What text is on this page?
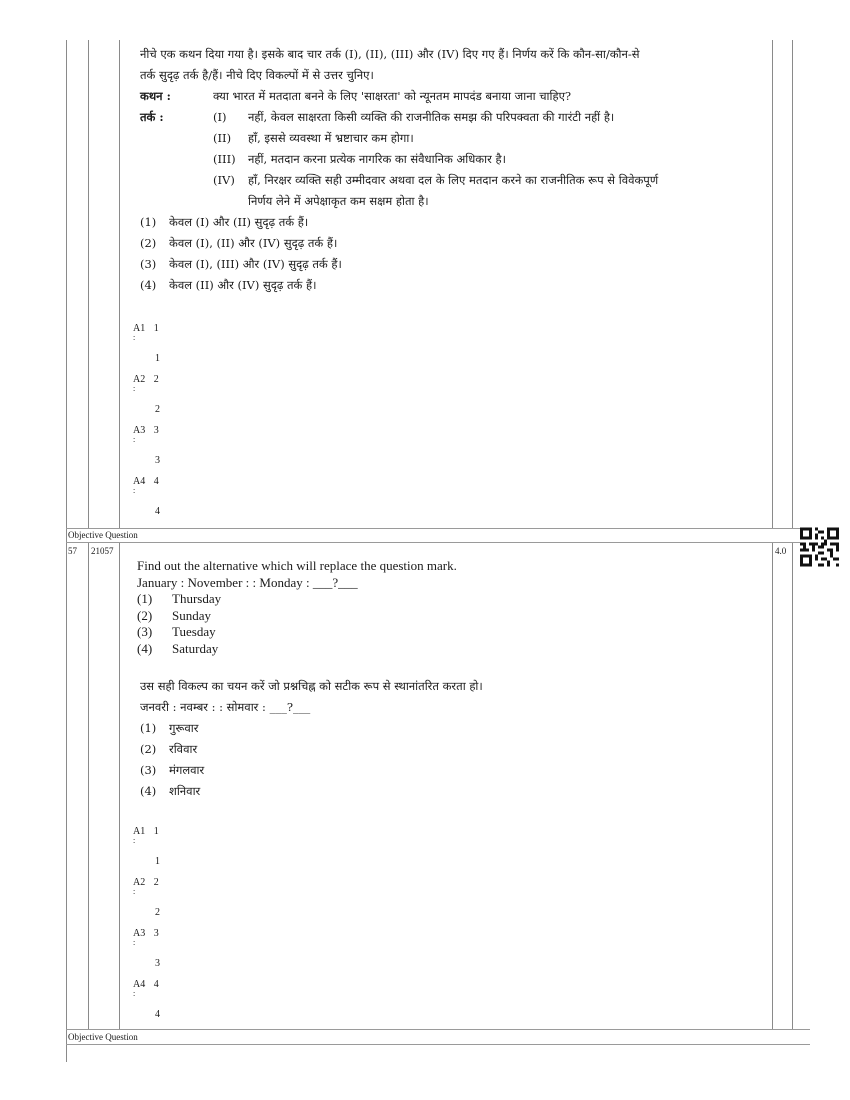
नीचे एक कथन दिया गया है। इसके बाद चार तर्क (I), (II), (III) और (IV) दिए गए हैं। निर्णय करें कि कौन-सा/कौन-से
तर्क सुदृढ़ तर्क है/हैं। नीचे दिए विकल्पों में से उत्तर चुनिए।
कथन :	क्या भारत में मतदाता बनने के लिए 'साक्षरता' को न्यूनतम मापदंड बनाया जाना चाहिए?
तर्क :	(I)	नहीं, केवल साक्षरता किसी व्यक्ति की राजनीतिक समझ की परिपक्वता की गारंटी नहीं है।
(II)	हाँ, इससे व्यवस्था में भ्रष्टाचार कम होगा।
(III)	नहीं, मतदान करना प्रत्येक नागरिक का संवैधानिक अधिकार है।
(IV)	हाँ, निरक्षर व्यक्ति सही उम्मीदवार अथवा दल के लिए मतदान करने का राजनीतिक रूप से विवेकपूर्ण
निर्णय लेने में अपेक्षाकृत कम सक्षम होता है।
(1)	केवल (I) और (II) सुदृढ़ तर्क हैं।
(2)	केवल (I), (II) और (IV) सुदृढ़ तर्क हैं।
(3)	केवल (I), (III) और (IV) सुदृढ़ तर्क हैं।
(4)	केवल (II) और (IV) सुदृढ़ तर्क हैं।
A1 1
:
1
A2 2
:
2
A3 3
:
3
A4 4
:
4
Objective Question
57 21057	4.0
Find out the alternative which will replace the question mark.
January : November : : Monday : ___?___
(1)	Thursday
(2)	Sunday
(3)	Tuesday
(4)	Saturday
उस सही विकल्प का चयन करें जो प्रश्नचिह्न को सटीक रूप से स्थानांतरित करता हो।
जनवरी : नवम्बर : : सोमवार : ___?___
(1)	गुरूवार
(2)	रविवार
(3)	मंगलवार
(4)	शनिवार
A1 1
:
1
A2 2
:
2
A3 3
:
3
A4 4
:
4
Objective Question
